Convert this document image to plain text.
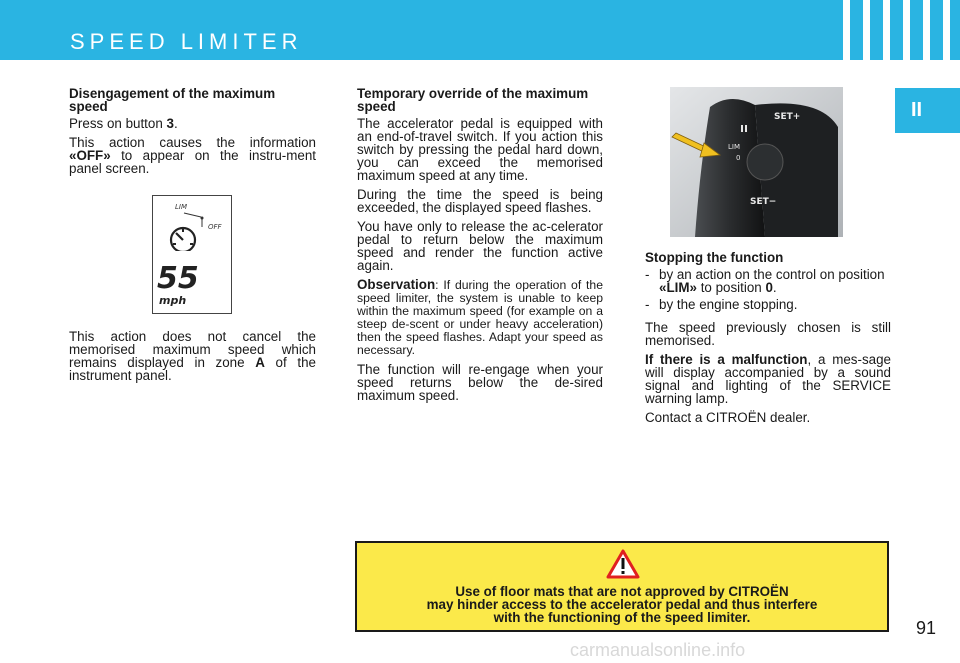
SPEED LIMITER
II

Disengagement of the maximum speed

Press on button 3.

This action causes the information «OFF» to appear on the instru-ment panel screen.

LIM
OFF
55
mph

This action does not cancel the memorised maximum speed which remains displayed in zone A of the instrument panel.

Temporary override of the maximum speed

The accelerator pedal is equipped with an end-of-travel switch. If you action this switch by pressing the pedal hard down, you can exceed the memorised maximum speed at any time.

During the time the speed is being exceeded, the displayed speed flashes.

You have only to release the ac-celerator pedal to return below the maximum speed and render the function active again.

Observation: If during the operation of the speed limiter, the system is unable to keep within the maximum speed (for example on a steep de-scent or under heavy acceleration) then the speed flashes. Adapt your speed as necessary.

The function will re-engage when your speed returns below the de-sired maximum speed.

SET+
SET−
LIM
0

Stopping the function

- by an action on the control on position «LIM» to position 0.

- by the engine stopping.

The speed previously chosen is still memorised.

If there is a malfunction, a mes-sage will display accompanied by a sound signal and lighting of the SERVICE warning lamp.

Contact a CITROËN dealer.

Use of floor mats that are not approved by CITROËN
may hinder access to the accelerator pedal and thus interfere
with the functioning of the speed limiter.
91
carmanualsonline.info
